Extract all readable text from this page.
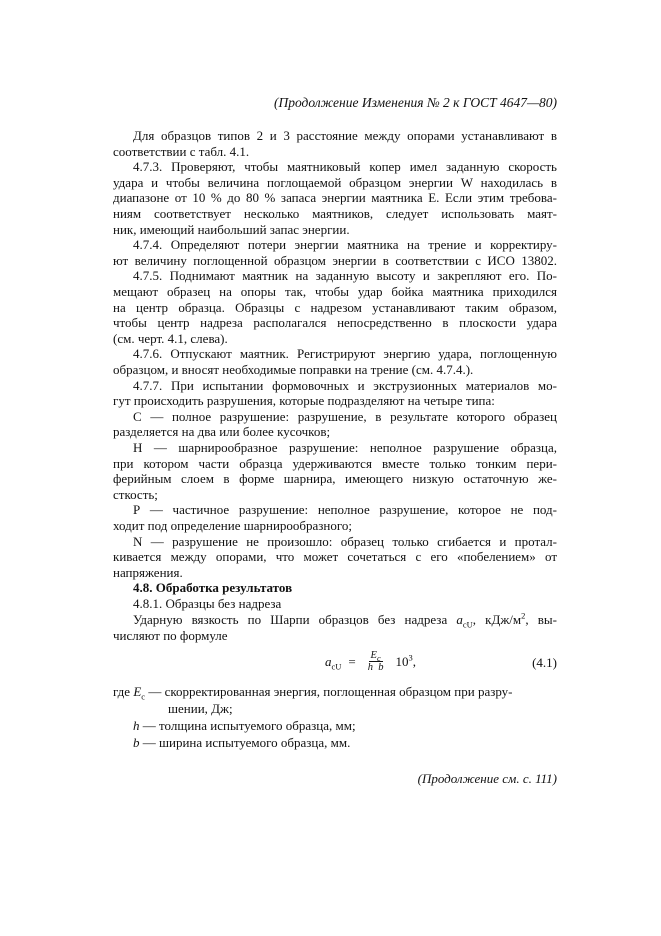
(Продолжение Изменения № 2 к ГОСТ 4647—80)
Для образцов типов 2 и 3 расстояние между опорами устанавливают в
соответствии с табл. 4.1.
4.7.3. Проверяют, чтобы маятниковый копер имел заданную скорость
удара и чтобы величина поглощаемой образцом энергии W находилась в
диапазоне от 10 % до 80 % запаса энергии маятника E. Если этим требова-
ниям соответствует несколько маятников, следует использовать маят-
ник, имеющий наибольший запас энергии.
4.7.4. Определяют потери энергии маятника на трение и корректиру-
ют величину поглощенной образцом энергии в соответствии с ИСО 13802.
4.7.5. Поднимают маятник на заданную высоту и закрепляют его. По-
мещают образец на опоры так, чтобы удар бойка маятника приходился
на центр образца. Образцы с надрезом устанавливают таким образом,
чтобы центр надреза располагался непосредственно в плоскости удара
(см. черт. 4.1, слева).
4.7.6. Отпускают маятник. Регистрируют энергию удара, поглощенную
образцом, и вносят необходимые поправки на трение (см. 4.7.4.).
4.7.7. При испытании формовочных и экструзионных материалов мо-
гут происходить разрушения, которые подразделяют на четыре типа:
С — полное разрушение: разрушение, в результате которого образец
разделяется на два или более кусочков;
Н — шарнирообразное разрушение: неполное разрушение образца,
при котором части образца удерживаются вместе только тонким пери-
ферийным слоем в форме шарнира, имеющего низкую остаточную же-
сткость;
Р — частичное разрушение: неполное разрушение, которое не под-
ходит под определение шарнирообразного;
N — разрушение не произошло: образец только сгибается и протал-
кивается между опорами, что может сочетаться с его «побелением» от
напряжения.
4.8. Обработка результатов
4.8.1. Образцы без надреза
Ударную вязкость по Шарпи образцов без надреза $a_{cU}$, кДж/$м^2$, вы-
числяют по формуле
$a_{cU} = \frac{E_c}{\text{h  b}} 10^3$,	(4.1)
где $E_c$ — скорректированная энергия, поглощенная образцом при разру-
шении, Дж;
h — толщина испытуемого образца, мм;
b — ширина испытуемого образца, мм.
(Продолжение см. с. 111)
